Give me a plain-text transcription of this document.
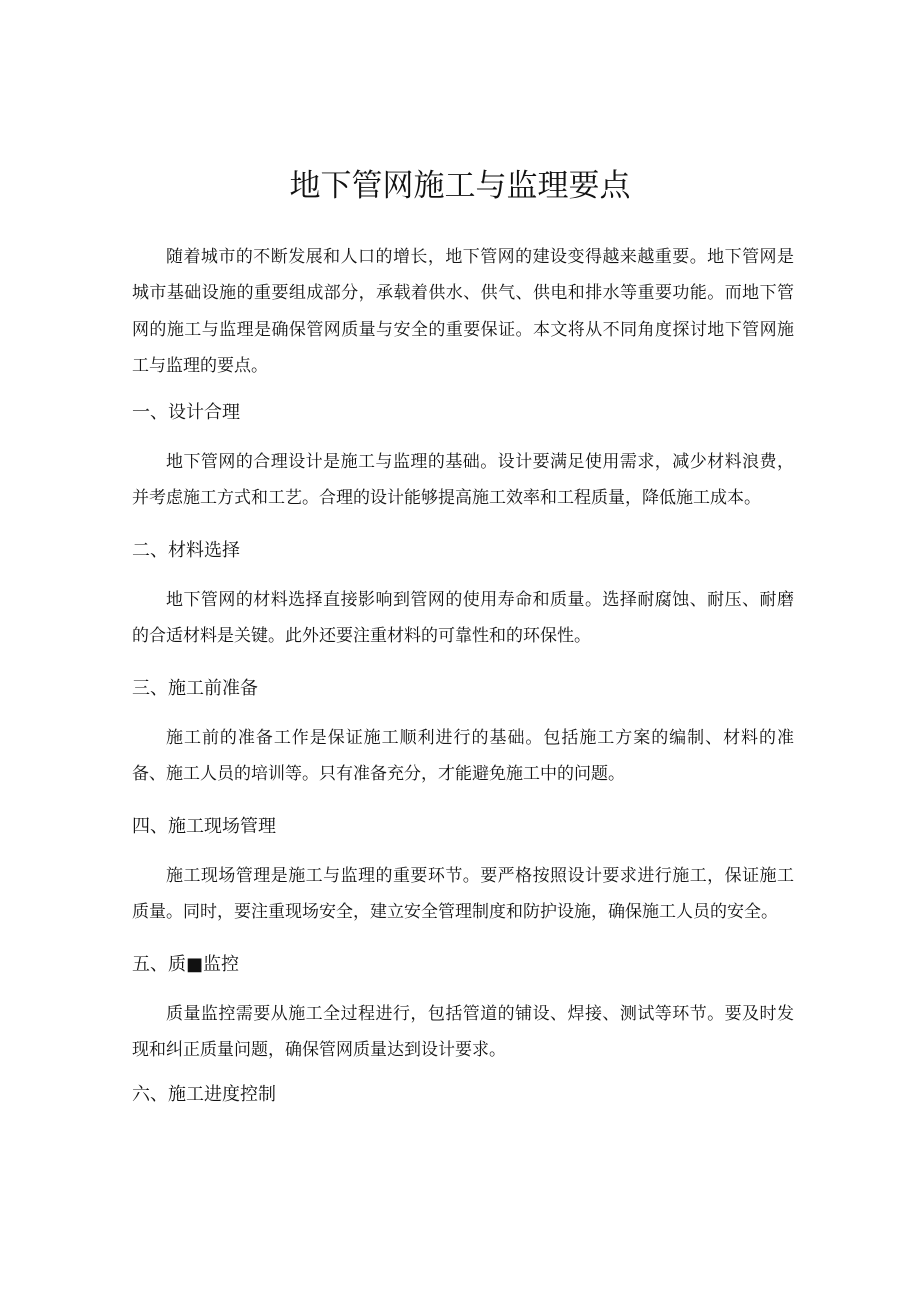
地下管网施工与监理要点

随着城市的不断发展和人口的增长，地下管网的建设变得越来越重要。地下管网是城市基础设施的重要组成部分，承载着供水、供气、供电和排水等重要功能。而地下管网的施工与监理是确保管网质量与安全的重要保证。本文将从不同角度探讨地下管网施工与监理的要点。

一、设计合理

地下管网的合理设计是施工与监理的基础。设计要满足使用需求，减少材料浪费，并考虑施工方式和工艺。合理的设计能够提高施工效率和工程质量，降低施工成本。

二、材料选择

地下管网的材料选择直接影响到管网的使用寿命和质量。选择耐腐蚀、耐压、耐磨的合适材料是关键。此外还要注重材料的可靠性和的环保性。

三、施工前准备

施工前的准备工作是保证施工顺利进行的基础。包括施工方案的编制、材料的准备、施工人员的培训等。只有准备充分，才能避免施工中的问题。

四、施工现场管理

施工现场管理是施工与监理的重要环节。要严格按照设计要求进行施工，保证施工质量。同时，要注重现场安全，建立安全管理制度和防护设施，确保施工人员的安全。

五、质■监控

质量监控需要从施工全过程进行，包括管道的铺设、焊接、测试等环节。要及时发现和纠正质量问题，确保管网质量达到设计要求。

六、施工进度控制
